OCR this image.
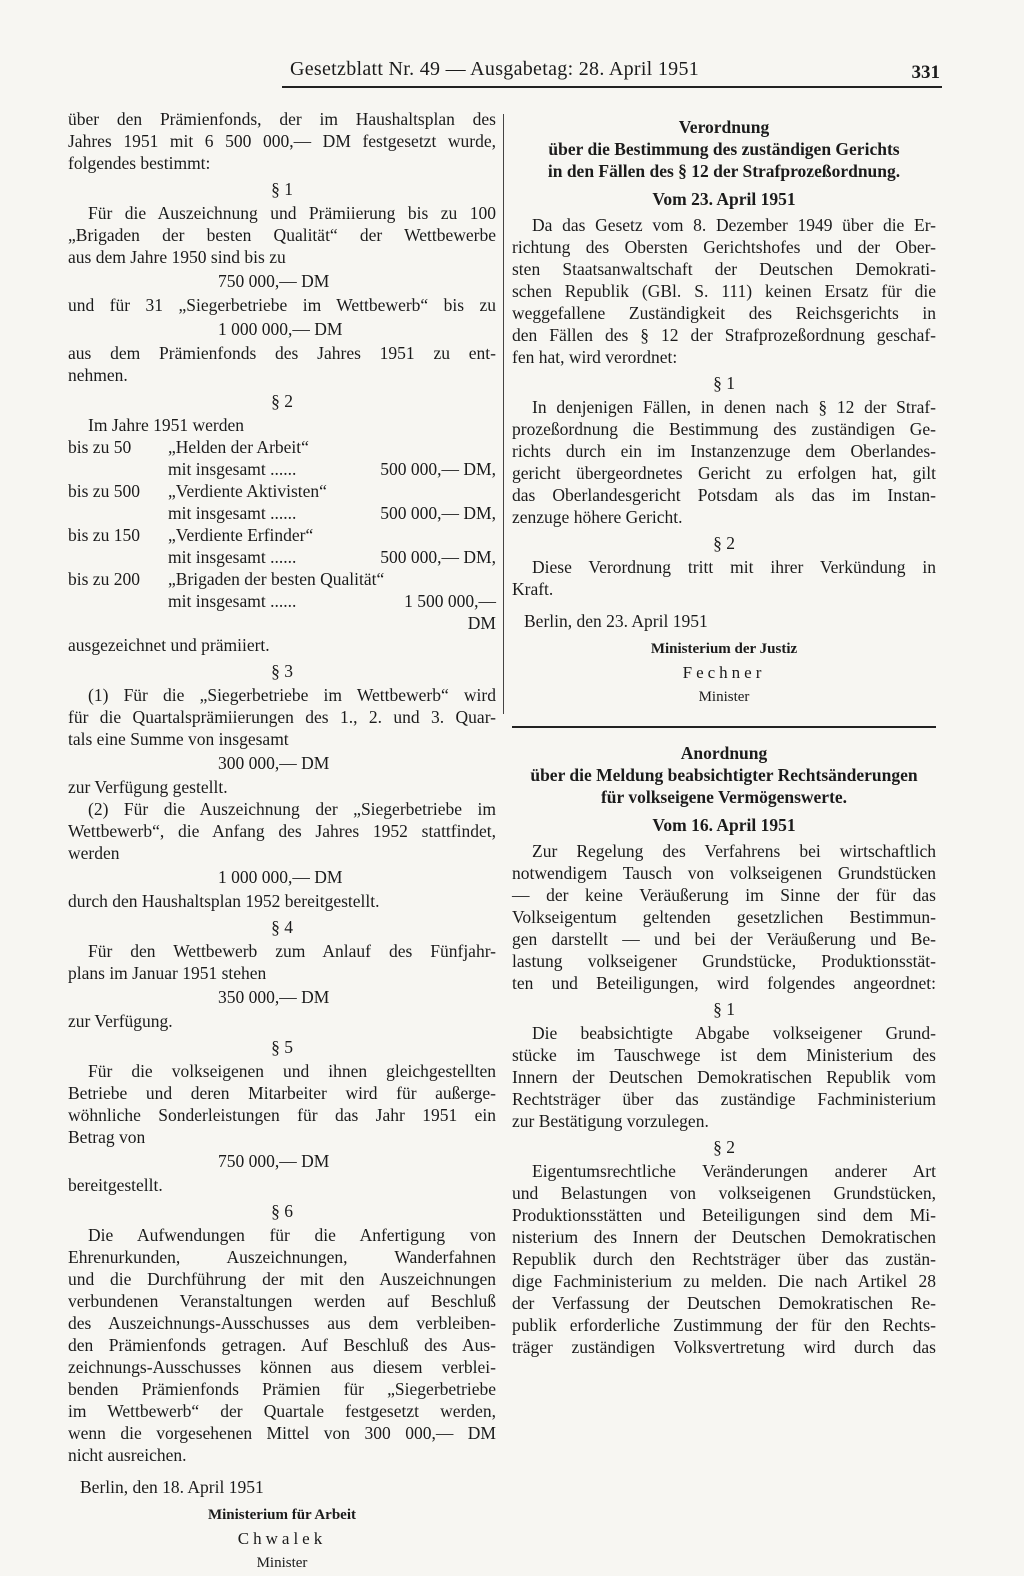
Gesetzblatt Nr. 49 — Ausgabetag: 28. April 1951	331

über den Prämienfonds, der im Haushaltsplan des

Jahres 1951 mit 6 500 000,— DM festgesetzt wurde,

folgendes bestimmt:

§ 1

Für die Auszeichnung und Prämiierung bis zu 100

„Brigaden der besten Qualität“ der Wettbewerbe

aus dem Jahre 1950 sind bis zu

750 000,— DM

und für 31 „Siegerbetriebe im Wettbewerb“ bis zu

1 000 000,— DM

aus dem Prämienfonds des Jahres 1951 zu ent-

nehmen.

§ 2

Im Jahre 1951 werden

bis zu 50	„Helden der Arbeit“
mit insgesamt ......	500 000,— DM,
bis zu 500	„Verdiente Aktivisten“
mit insgesamt ......	500 000,— DM,
bis zu 150	„Verdiente Erfinder“
mit insgesamt ......	500 000,— DM,
bis zu 200	„Brigaden der besten Qualität“
mit insgesamt ......	1 500 000,— DM

ausgezeichnet und prämiiert.

§ 3

(1) Für die „Siegerbetriebe im Wettbewerb“ wird

für die Quartalsprämiierungen des 1., 2. und 3. Quar-

tals eine Summe von insgesamt

300 000,— DM

zur Verfügung gestellt.

(2) Für die Auszeichnung der „Siegerbetriebe im

Wettbewerb“, die Anfang des Jahres 1952 stattfindet,

werden

1 000 000,— DM

durch den Haushaltsplan 1952 bereitgestellt.

§ 4

Für den Wettbewerb zum Anlauf des Fünfjahr-

plans im Januar 1951 stehen

350 000,— DM

zur Verfügung.

§ 5

Für die volkseigenen und ihnen gleichgestellten

Betriebe und deren Mitarbeiter wird für außerge-

wöhnliche Sonderleistungen für das Jahr 1951 ein

Betrag von

750 000,— DM

bereitgestellt.

§ 6

Die Aufwendungen für die Anfertigung von

Ehrenurkunden, Auszeichnungen, Wanderfahnen

und die Durchführung der mit den Auszeichnungen

verbundenen Veranstaltungen werden auf Beschluß

des Auszeichnungs-Ausschusses aus dem verbleiben-

den Prämienfonds getragen. Auf Beschluß des Aus-

zeichnungs-Ausschusses können aus diesem verblei-

benden Prämienfonds Prämien für „Siegerbetriebe

im Wettbewerb“ der Quartale festgesetzt werden,

wenn die vorgesehenen Mittel von 300 000,— DM

nicht ausreichen.

Berlin, den 18. April 1951

Ministerium für Arbeit

Chwalek

Minister

Verordnung

über die Bestimmung des zuständigen Gerichts

in den Fällen des § 12 der Strafprozeßordnung.

Vom 23. April 1951

Da das Gesetz vom 8. Dezember 1949 über die Er-

richtung des Obersten Gerichtshofes und der Ober-

sten Staatsanwaltschaft der Deutschen Demokrati-

schen Republik (GBl. S. 111) keinen Ersatz für die

weggefallene Zuständigkeit des Reichsgerichts in

den Fällen des § 12 der Strafprozeßordnung geschaf-

fen hat, wird verordnet:

§ 1

In denjenigen Fällen, in denen nach § 12 der Straf-

prozeßordnung die Bestimmung des zuständigen Ge-

richts durch ein im Instanzenzuge dem Oberlandes-

gericht übergeordnetes Gericht zu erfolgen hat, gilt

das Oberlandesgericht Potsdam als das im Instan-

zenzuge höhere Gericht.

§ 2

Diese Verordnung tritt mit ihrer Verkündung in

Kraft.

Berlin, den 23. April 1951

Ministerium der Justiz

Fechner

Minister

Anordnung

über die Meldung beabsichtigter Rechtsänderungen

für volkseigene Vermögenswerte.

Vom 16. April 1951

Zur Regelung des Verfahrens bei wirtschaftlich

notwendigem Tausch von volkseigenen Grundstücken

— der keine Veräußerung im Sinne der für das

Volkseigentum geltenden gesetzlichen Bestimmun-

gen darstellt — und bei der Veräußerung und Be-

lastung volkseigener Grundstücke, Produktionsstät-

ten und Beteiligungen, wird folgendes angeordnet:

§ 1

Die beabsichtigte Abgabe volkseigener Grund-

stücke im Tauschwege ist dem Ministerium des

Innern der Deutschen Demokratischen Republik vom

Rechtsträger über das zuständige Fachministerium

zur Bestätigung vorzulegen.

§ 2

Eigentumsrechtliche Veränderungen anderer Art

und Belastungen von volkseigenen Grundstücken,

Produktionsstätten und Beteiligungen sind dem Mi-

nisterium des Innern der Deutschen Demokratischen

Republik durch den Rechtsträger über das zustän-

dige Fachministerium zu melden. Die nach Artikel 28

der Verfassung der Deutschen Demokratischen Re-

publik erforderliche Zustimmung der für den Rechts-

träger zuständigen Volksvertretung wird durch das
